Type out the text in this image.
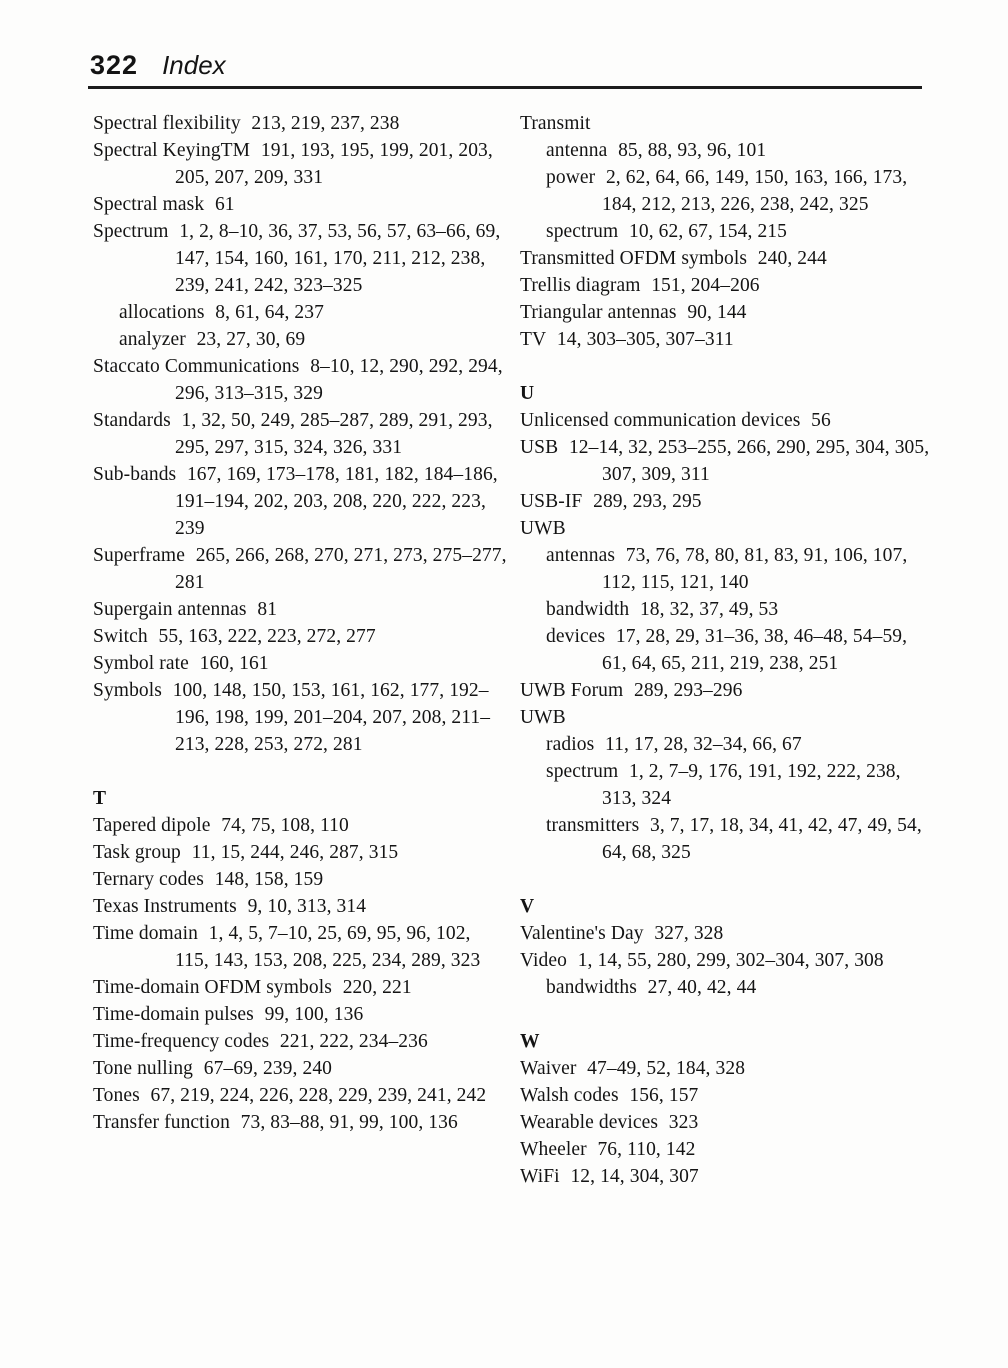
322 Index
Spectral flexibility 213, 219, 237, 238
Spectral KeyingTM 191, 193, 195, 199, 201, 203, 205, 207, 209, 331
Spectral mask 61
Spectrum 1, 2, 8–10, 36, 37, 53, 56, 57, 63–66, 69, 147, 154, 160, 161, 170, 211, 212, 238, 239, 241, 242, 323–325
allocations 8, 61, 64, 237
analyzer 23, 27, 30, 69
Staccato Communications 8–10, 12, 290, 292, 294, 296, 313–315, 329
Standards 1, 32, 50, 249, 285–287, 289, 291, 293, 295, 297, 315, 324, 326, 331
Sub-bands 167, 169, 173–178, 181, 182, 184–186, 191–194, 202, 203, 208, 220, 222, 223, 239
Superframe 265, 266, 268, 270, 271, 273, 275–277, 281
Supergain antennas 81
Switch 55, 163, 222, 223, 272, 277
Symbol rate 160, 161
Symbols 100, 148, 150, 153, 161, 162, 177, 192–196, 198, 199, 201–204, 207, 208, 211–213, 228, 253, 272, 281
T
Tapered dipole 74, 75, 108, 110
Task group 11, 15, 244, 246, 287, 315
Ternary codes 148, 158, 159
Texas Instruments 9, 10, 313, 314
Time domain 1, 4, 5, 7–10, 25, 69, 95, 96, 102, 115, 143, 153, 208, 225, 234, 289, 323
Time-domain OFDM symbols 220, 221
Time-domain pulses 99, 100, 136
Time-frequency codes 221, 222, 234–236
Tone nulling 67–69, 239, 240
Tones 67, 219, 224, 226, 228, 229, 239, 241, 242
Transfer function 73, 83–88, 91, 99, 100, 136
Transmit
antenna 85, 88, 93, 96, 101
power 2, 62, 64, 66, 149, 150, 163, 166, 173, 184, 212, 213, 226, 238, 242, 325
spectrum 10, 62, 67, 154, 215
Transmitted OFDM symbols 240, 244
Trellis diagram 151, 204–206
Triangular antennas 90, 144
TV 14, 303–305, 307–311
U
Unlicensed communication devices 56
USB 12–14, 32, 253–255, 266, 290, 295, 304, 305, 307, 309, 311
USB-IF 289, 293, 295
UWB
antennas 73, 76, 78, 80, 81, 83, 91, 106, 107, 112, 115, 121, 140
bandwidth 18, 32, 37, 49, 53
devices 17, 28, 29, 31–36, 38, 46–48, 54–59, 61, 64, 65, 211, 219, 238, 251
UWB Forum 289, 293–296
UWB
radios 11, 17, 28, 32–34, 66, 67
spectrum 1, 2, 7–9, 176, 191, 192, 222, 238, 313, 324
transmitters 3, 7, 17, 18, 34, 41, 42, 47, 49, 54, 64, 68, 325
V
Valentine's Day 327, 328
Video 1, 14, 55, 280, 299, 302–304, 307, 308
bandwidths 27, 40, 42, 44
W
Waiver 47–49, 52, 184, 328
Walsh codes 156, 157
Wearable devices 323
Wheeler 76, 110, 142
WiFi 12, 14, 304, 307
